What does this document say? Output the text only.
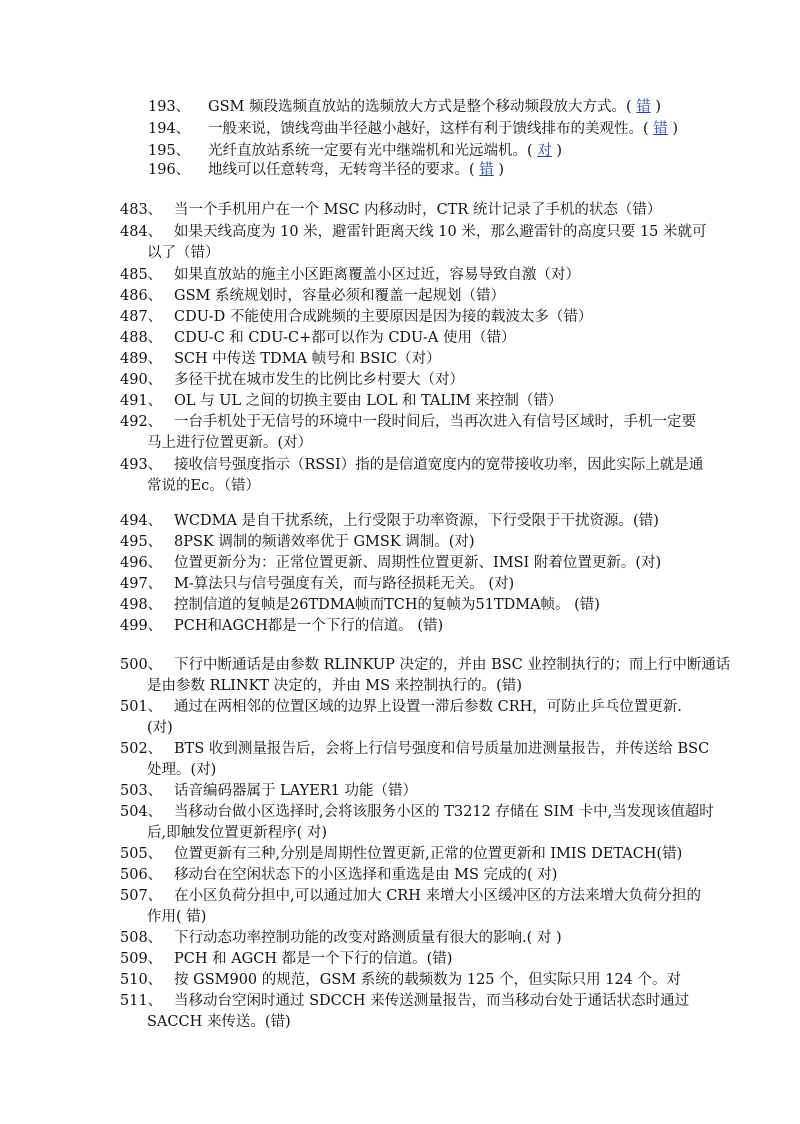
193、 GSM 频段选频直放站的选频放大方式是整个移动频段放大方式。( 错 )
194、 一般来说，馈线弯曲半径越小越好，这样有利于馈线排布的美观性。( 错 )
195、 光纤直放站系统一定要有光中继端机和光远端机。( 对 )
196、 地线可以任意转弯，无转弯半径的要求。( 错 )
483、 当一个手机用户在一个 MSC 内移动时，CTR 统计记录了手机的状态（错）
484、 如果天线高度为 10 米，避雷针距离天线 10 米，那么避雷针的高度只要 15 米就可
以了（错）
485、 如果直放站的施主小区距离覆盖小区过近，容易导致自激（对）
486、 GSM 系统规划时，容量必须和覆盖一起规划（错）
487、 CDU-D 不能使用合成跳频的主要原因是因为接的载波太多（错）
488、 CDU-C 和 CDU-C+都可以作为 CDU-A 使用（错）
489、 SCH 中传送 TDMA 帧号和 BSIC（对）
490、 多径干扰在城市发生的比例比乡村要大（对）
491、 OL 与 UL 之间的切换主要由 LOL 和 TALIM 来控制（错）
492、 一台手机处于无信号的环境中一段时间后，当再次进入有信号区域时，手机一定要
马上进行位置更新。(对）
493、 接收信号强度指示（RSSI）指的是信道宽度内的宽带接收功率，因此实际上就是通
常说的Ec。（错）
494、 WCDMA 是自干扰系统，上行受限于功率资源，下行受限于干扰资源。(错)
495、 8PSK 调制的频谱效率优于 GMSK 调制。(对)
496、 位置更新分为：正常位置更新、周期性位置更新、IMSI 附着位置更新。(对)
497、 M-算法只与信号强度有关，而与路径损耗无关。 (对)
498、 控制信道的复帧是26TDMA帧而TCH的复帧为51TDMA帧。 (错)
499、 PCH和AGCH都是一个下行的信道。 (错)
500、 下行中断通话是由参数 RLINKUP 决定的，并由 BSC 业控制执行的；而上行中断通话
是由参数 RLINKT 决定的，并由 MS 来控制执行的。(错)
501、 通过在两相邻的位置区域的边界上设置一滞后参数 CRH，可防止乒乓位置更新.
(对)
502、 BTS 收到测量报告后，会将上行信号强度和信号质量加进测量报告，并传送给 BSC
处理。(对)
503、 话音编码器属于 LAYER1 功能（错）
504、 当移动台做小区选择时,会将该服务小区的 T3212 存储在 SIM 卡中,当发现该值超时
后,即触发位置更新程序( 对)
505、 位置更新有三种,分别是周期性位置更新,正常的位置更新和 IMIS DETACH(错)
506、 移动台在空闲状态下的小区选择和重选是由 MS 完成的( 对)
507、 在小区负荷分担中,可以通过加大 CRH 来增大小区缓冲区的方法来增大负荷分担的
作用( 错)
508、 下行动态功率控制功能的改变对路测质量有很大的影响.( 对 )
509、 PCH 和 AGCH 都是一个下行的信道。(错)
510、 按 GSM900 的规范，GSM 系统的载频数为 125 个，但实际只用 124 个。对
511、 当移动台空闲时通过 SDCCH 来传送测量报告，而当移动台处于通话状态时通过
SACCH 来传送。(错)
